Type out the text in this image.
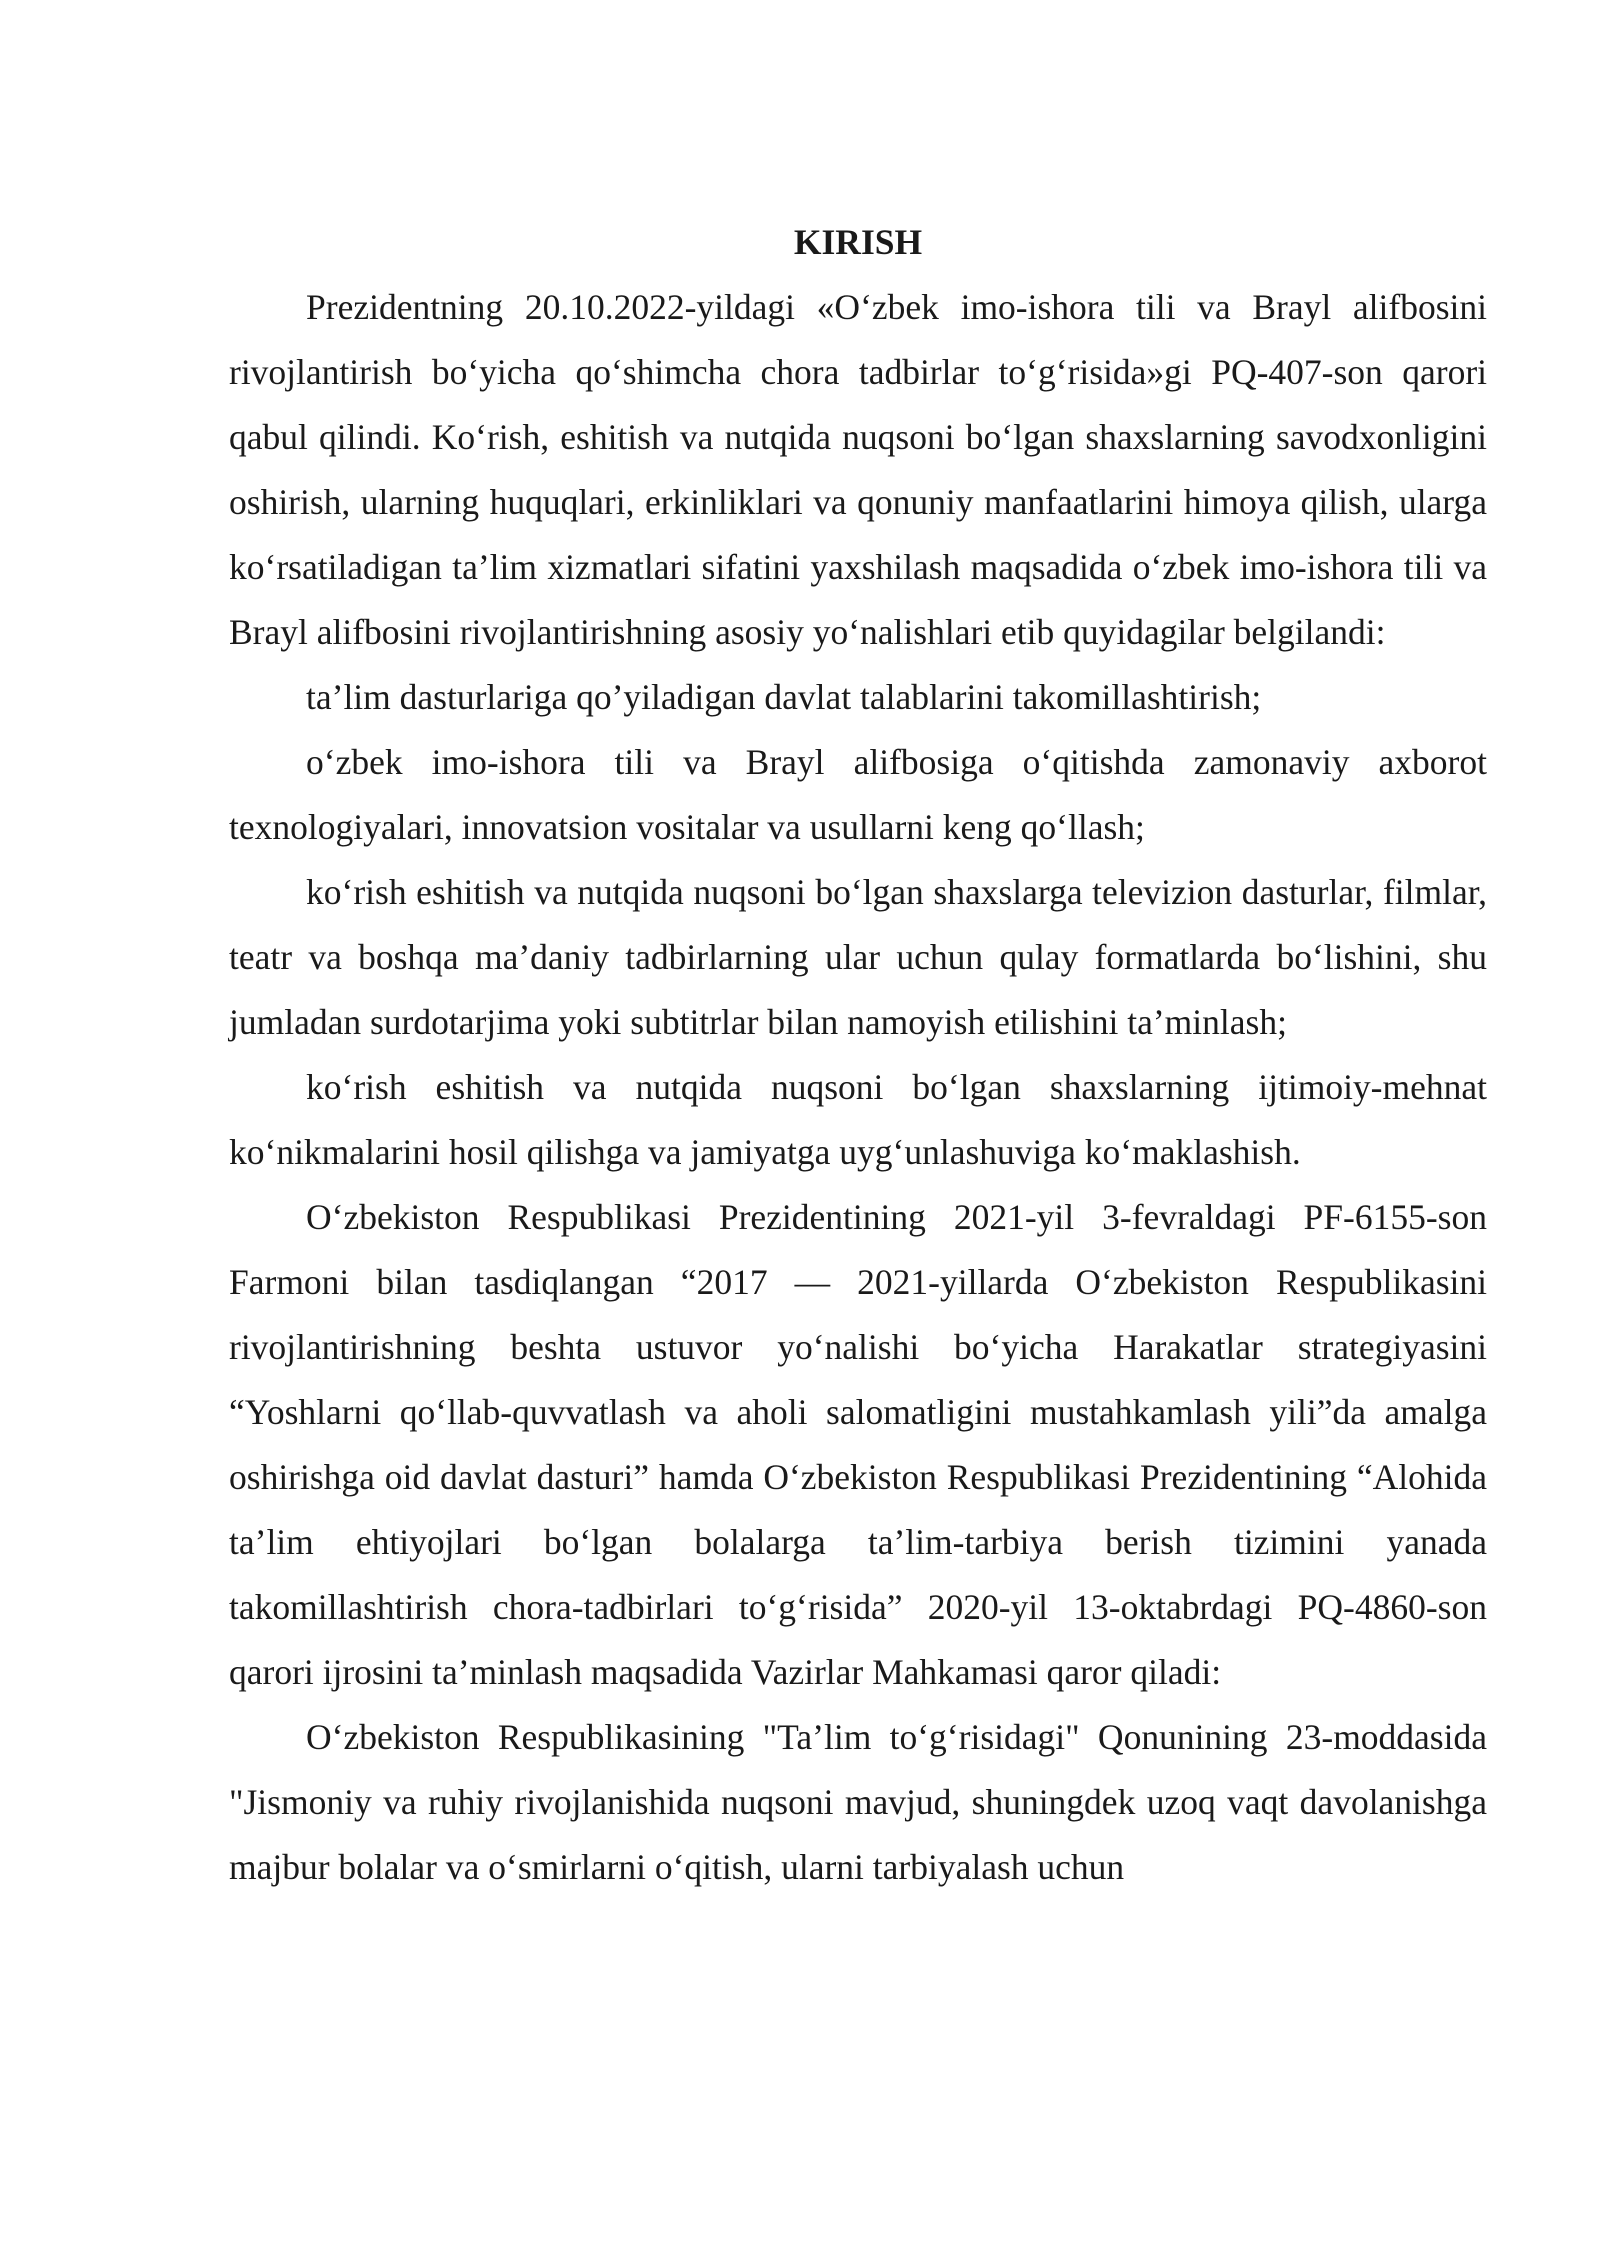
KIRISH

Prezidentning 20.10.2022-yildagi «O‘zbek imo-ishora tili va Brayl alifbosini rivojlantirish bo‘yicha qo‘shimcha chora tadbirlar to‘g‘risida»gi PQ-407-son qarori qabul qilindi. Ko‘rish, eshitish va nutqida nuqsoni bo‘lgan shaxslarning savodxonligini oshirish, ularning huquqlari, erkinliklari va qonuniy manfaatlarini himoya qilish, ularga ko‘rsatiladigan ta’lim xizmatlari sifatini yaxshilash maqsadida o‘zbek imo-ishora tili va Brayl alifbosini rivojlantirishning asosiy yo‘nalishlari etib quyidagilar belgilandi:

ta’lim dasturlariga qo’yiladigan davlat talablarini takomillashtirish;

o‘zbek imo-ishora tili va Brayl alifbosiga o‘qitishda zamonaviy axborot texnologiyalari, innovatsion vositalar va usullarni keng qo‘llash;

ko‘rish eshitish va nutqida nuqsoni bo‘lgan shaxslarga televizion dasturlar, filmlar, teatr va boshqa ma’daniy tadbirlarning ular uchun qulay formatlarda bo‘lishini, shu jumladan surdotarjima yoki subtitrlar bilan namoyish etilishini ta’minlash;

ko‘rish eshitish va nutqida nuqsoni bo‘lgan shaxslarning ijtimoiy-mehnat ko‘nikmalarini hosil qilishga va jamiyatga uyg‘unlashuviga ko‘maklashish.

O‘zbekiston Respublikasi Prezidentining 2021-yil 3-fevraldagi PF-6155-son Farmoni bilan tasdiqlangan “2017 — 2021-yillarda O‘zbekiston Respublikasini rivojlantirishning beshta ustuvor yo‘nalishi bo‘yicha Harakatlar strategiyasini “Yoshlarni qo‘llab-quvvatlash va aholi salomatligini mustahkamlash yili”da amalga oshirishga oid davlat dasturi” hamda O‘zbekiston Respublikasi Prezidentining “Alohida ta’lim ehtiyojlari bo‘lgan bolalarga ta’lim-tarbiya berish tizimini yanada takomillashtirish chora-tadbirlari to‘g‘risida” 2020-yil 13-oktabrdagi PQ-4860-son qarori ijrosini ta’minlash maqsadida Vazirlar Mahkamasi qaror qiladi:

O‘zbekiston Respublikasining "Ta’lim to‘g‘risidagi" Qonunining 23-moddasida "Jismoniy va ruhiy rivojlanishida nuqsoni mavjud, shuningdek uzoq vaqt davolanishga majbur bolalar va o‘smirlarni o‘qitish, ularni tarbiyalash uchun
